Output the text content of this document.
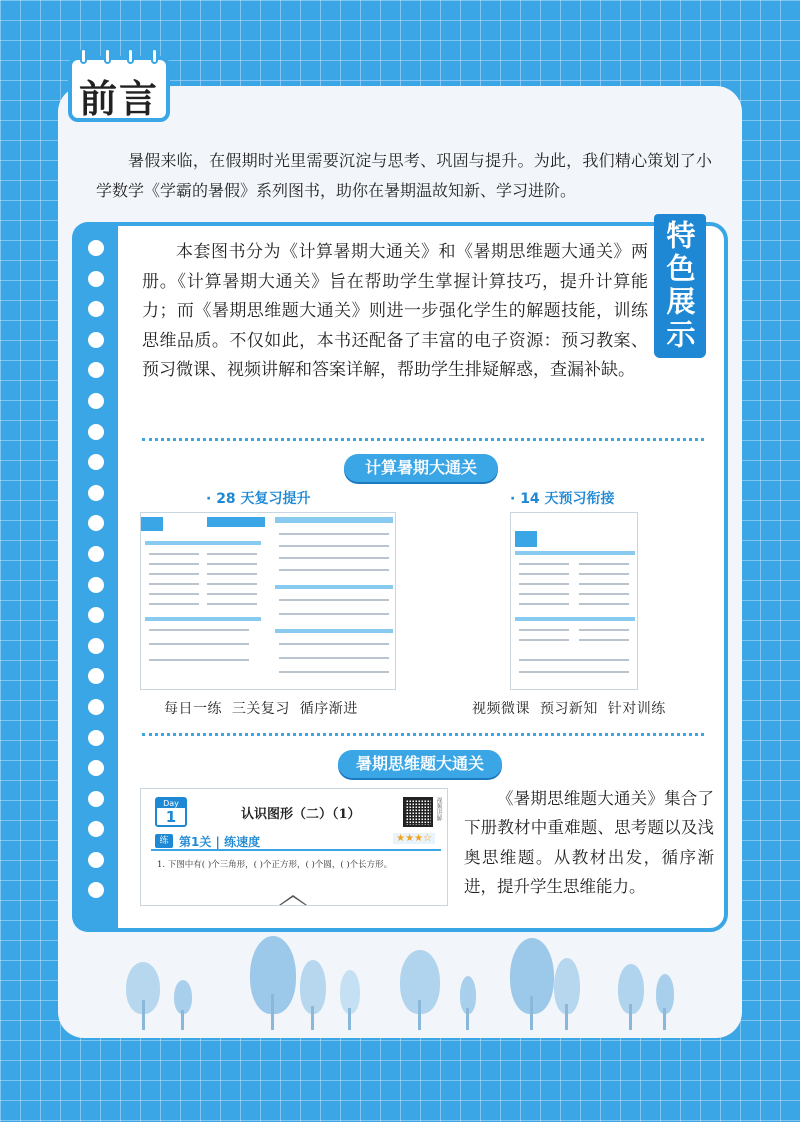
前言

暑假来临，在假期时光里需要沉淀与思考、巩固与提升。为此，我们精心策划了小学数学《学霸的暑假》系列图书，助你在暑期温故知新、学习进阶。

特色展示

本套图书分为《计算暑期大通关》和《暑期思维题大通关》两册。《计算暑期大通关》旨在帮助学生掌握计算技巧，提升计算能力；而《暑期思维题大通关》则进一步强化学生的解题技能，训练思维品质。不仅如此，本书还配备了丰富的电子资源：预习教案、预习微课、视频讲解和答案详解，帮助学生排疑解惑，查漏补缺。

计算暑期大通关
· 28 天复习提升	· 14 天预习衔接
每日一练  三关复习  循序渐进	视频微课  预习新知  针对训练
暑期思维题大通关
Day
1	认识图形（二）（1）	视频讲解
练 第1关 | 练速度	★★★☆
1. 下图中有( )个三角形，( )个正方形，( )个圆，( )个长方形。

《暑期思维题大通关》集合了下册教材中重难题、思考题以及浅奥思维题。从教材出发，循序渐进，提升学生思维能力。
